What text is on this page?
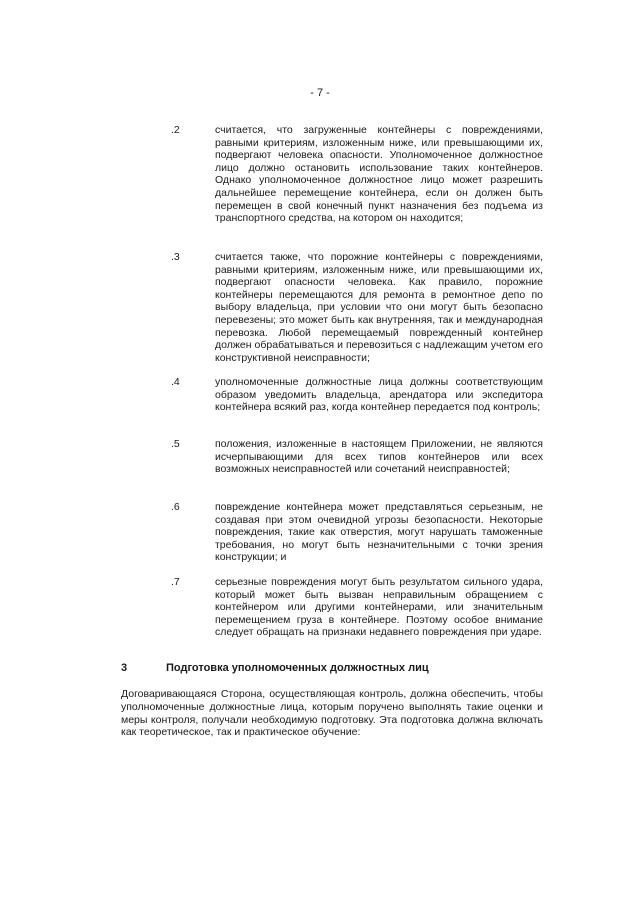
- 7 -
.2	считается, что загруженные контейнеры с повреждениями, равными критериям, изложенным ниже, или превышающими их, подвергают человека опасности. Уполномоченное должностное лицо должно остановить использование таких контейнеров. Однако уполномоченное должностное лицо может разрешить дальнейшее перемещение контейнера, если он должен быть перемещен в свой конечный пункт назначения без подъема из транспортного средства, на котором он находится;
.3	считается также, что порожние контейнеры с повреждениями, равными критериям, изложенным ниже, или превышающими их, подвергают опасности человека. Как правило, порожние контейнеры перемещаются для ремонта в ремонтное депо по выбору владельца, при условии что они могут быть безопасно перевезены; это может быть как внутренняя, так и международная перевозка. Любой перемещаемый поврежденный контейнер должен обрабатываться и перевозиться с надлежащим учетом его конструктивной неисправности;
.4	уполномоченные должностные лица должны соответствующим образом уведомить владельца, арендатора или экспедитора контейнера всякий раз, когда контейнер передается под контроль;
.5	положения, изложенные в настоящем Приложении, не являются исчерпывающими для всех типов контейнеров или всех возможных неисправностей или сочетаний неисправностей;
.6	повреждение контейнера может представляться серьезным, не создавая при этом очевидной угрозы безопасности. Некоторые повреждения, такие как отверстия, могут нарушать таможенные требования, но могут быть незначительными с точки зрения конструкции; и
.7	серьезные повреждения могут быть результатом сильного удара, который может быть вызван неправильным обращением с контейнером или другими контейнерами, или значительным перемещением груза в контейнере. Поэтому особое внимание следует обращать на признаки недавнего повреждения при ударе.
3	Подготовка уполномоченных должностных лиц
Договаривающаяся Сторона, осуществляющая контроль, должна обеспечить, чтобы уполномоченные должностные лица, которым поручено выполнять такие оценки и меры контроля, получали необходимую подготовку. Эта подготовка должна включать как теоретическое, так и практическое обучение:
